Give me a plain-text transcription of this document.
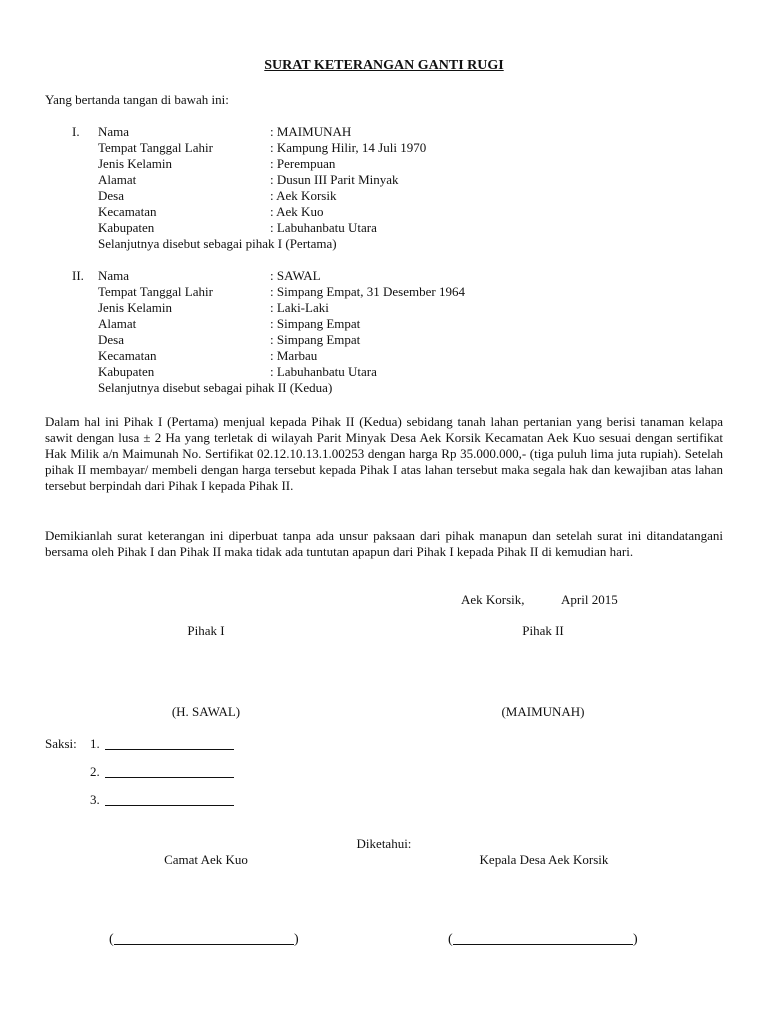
SURAT KETERANGAN GANTI RUGI
Yang bertanda tangan di bawah ini:
I. Nama	: MAIMUNAH
Tempat Tanggal Lahir	: Kampung Hilir, 14 Juli 1970
Jenis Kelamin	: Perempuan
Alamat	: Dusun III Parit Minyak
Desa	: Aek Korsik
Kecamatan	: Aek Kuo
Kabupaten	: Labuhanbatu Utara
Selanjutnya disebut sebagai pihak I (Pertama)
II. Nama	: SAWAL
Tempat Tanggal Lahir	: Simpang Empat, 31 Desember 1964
Jenis Kelamin	: Laki-Laki
Alamat	: Simpang Empat
Desa	: Simpang Empat
Kecamatan	: Marbau
Kabupaten	: Labuhanbatu Utara
Selanjutnya disebut sebagai pihak II (Kedua)
Dalam hal ini Pihak I (Pertama) menjual kepada Pihak II (Kedua) sebidang tanah lahan pertanian yang berisi tanaman kelapa sawit dengan lusa ± 2 Ha yang terletak di wilayah Parit Minyak Desa Aek Korsik Kecamatan Aek Kuo sesuai dengan sertifikat Hak Milik a/n Maimunah No. Sertifikat 02.12.10.13.1.00253 dengan harga Rp 35.000.000,- (tiga puluh lima juta rupiah). Setelah pihak II membayar/ membeli dengan harga tersebut kepada Pihak I atas lahan tersebut maka segala hak dan kewajiban atas lahan tersebut berpindah dari Pihak I kepada Pihak II.
Demikianlah surat keterangan ini diperbuat tanpa ada unsur paksaan dari pihak manapun dan setelah surat ini ditandatangani bersama oleh Pihak I dan Pihak II maka tidak ada tuntutan apapun dari Pihak I kepada Pihak II di kemudian hari.
Aek Korsik,	April 2015
Pihak I	Pihak II
(H. SAWAL)	(MAIMUNAH)
Saksi: 1.
2.
3.
Diketahui:
Camat Aek Kuo	Kepala Desa Aek Korsik
(	)	(	)
